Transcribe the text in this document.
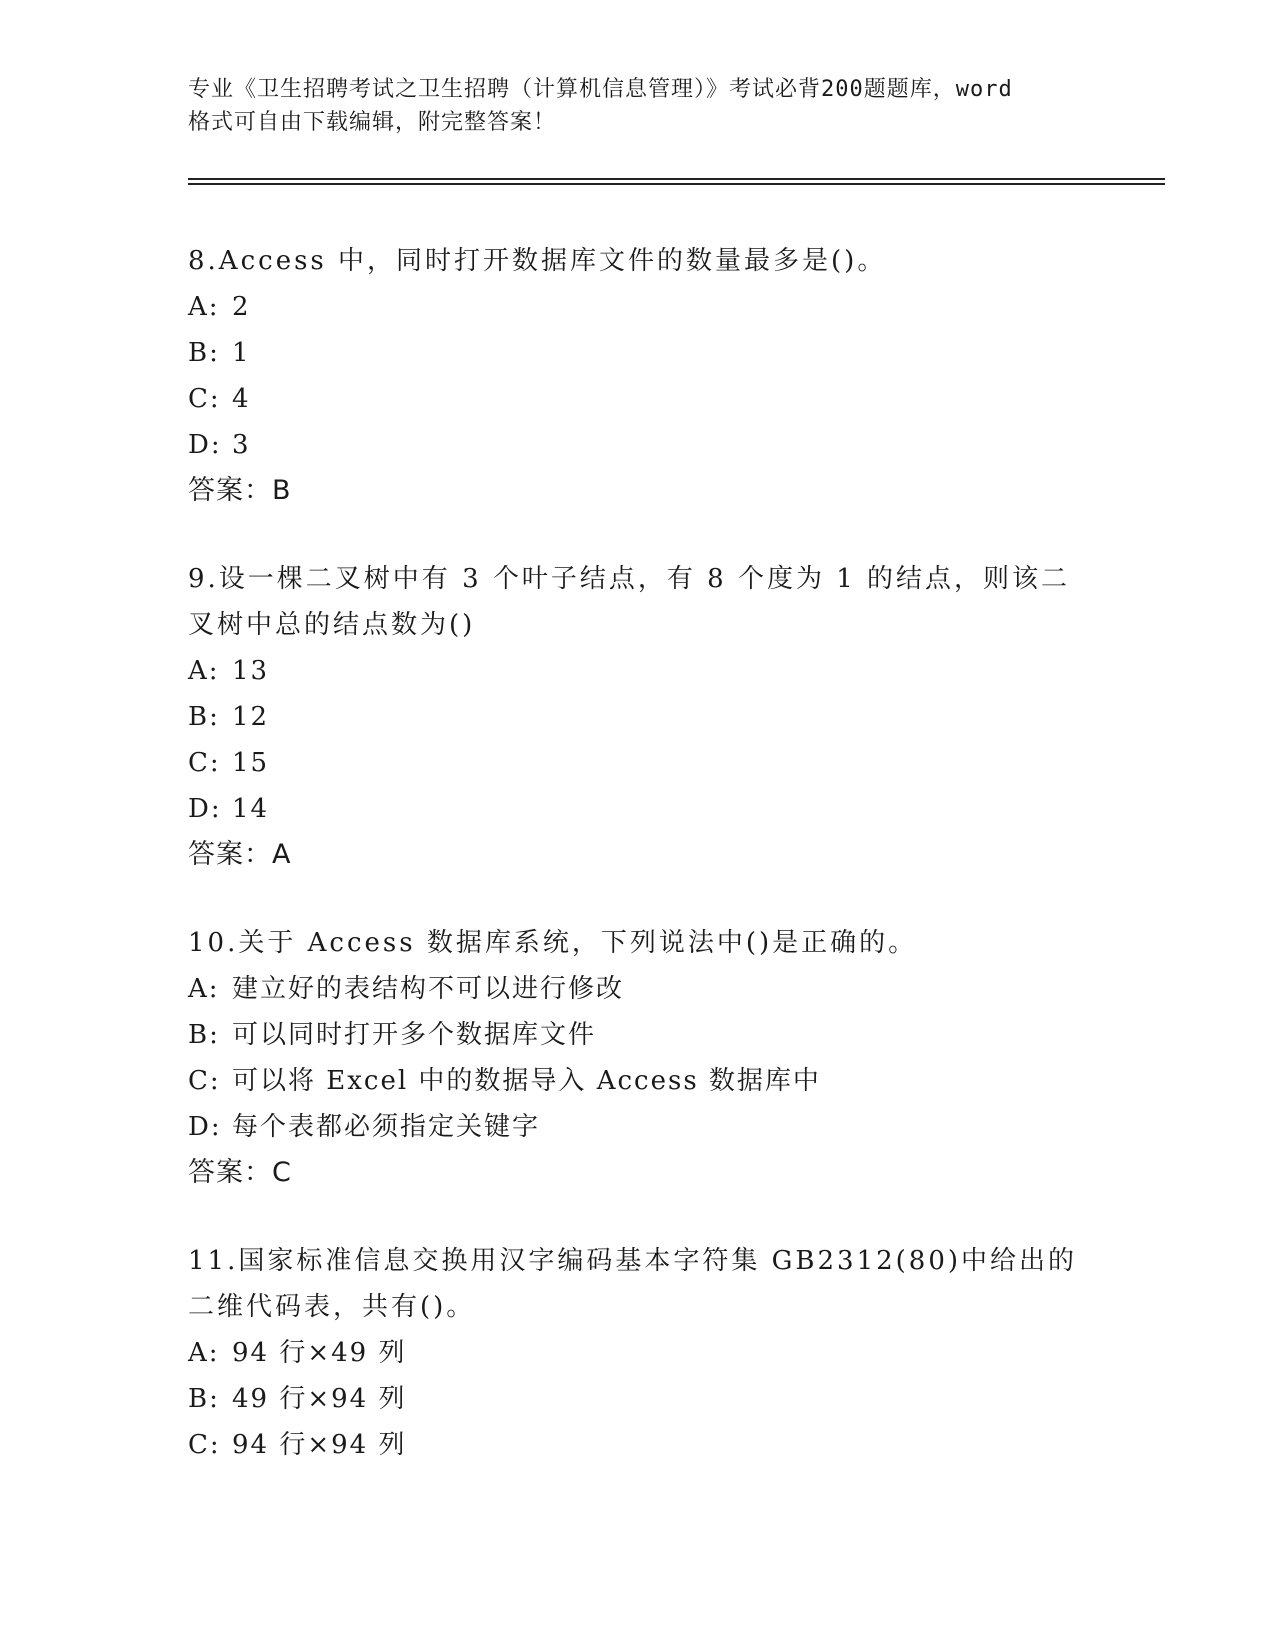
专业《卫生招聘考试之卫生招聘（计算机信息管理）》考试必背200题题库，word
格式可自由下载编辑，附完整答案！
8.Access 中，同时打开数据库文件的数量最多是()。
A: 2
B: 1
C: 4
D: 3
答案：B
9.设一棵二叉树中有 3 个叶子结点，有 8 个度为 1 的结点，则该二叉树中总的结点数为()
A: 13
B: 12
C: 15
D: 14
答案：A
10.关于 Access 数据库系统，下列说法中()是正确的。
A: 建立好的表结构不可以进行修改
B: 可以同时打开多个数据库文件
C: 可以将 Excel 中的数据导入 Access 数据库中
D: 每个表都必须指定关键字
答案：C
11.国家标准信息交换用汉字编码基本字符集 GB2312(80)中给出的二维代码表，共有()。
A: 94 行×49 列
B: 49 行×94 列
C: 94 行×94 列
